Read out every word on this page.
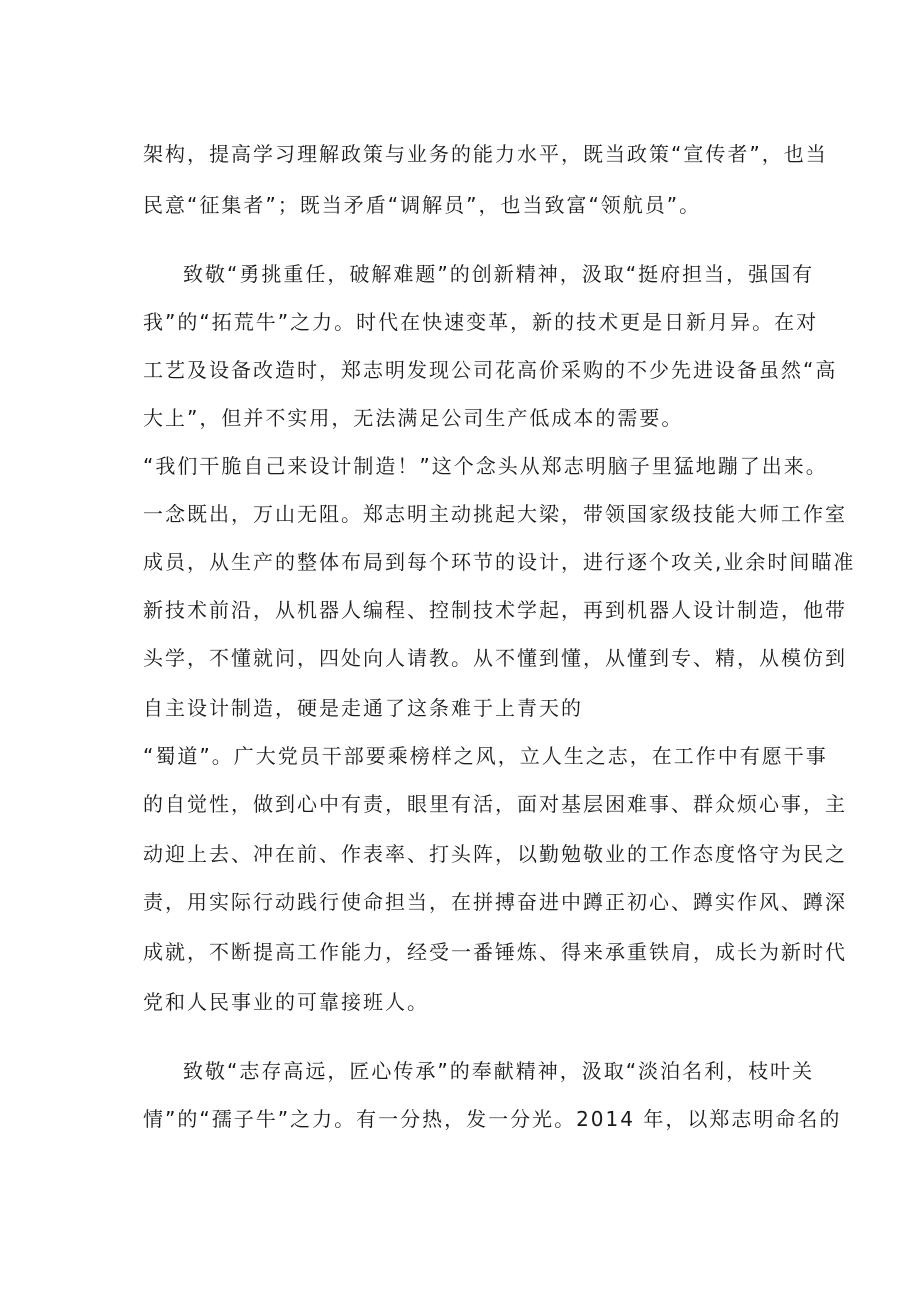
架构，提高学习理解政策与业务的能力水平，既当政策“宣传者”，也当
民意“征集者”；既当矛盾“调解员”，也当致富“领航员”。
致敬“勇挑重任，破解难题”的创新精神，汲取“挺府担当，强国有
我”的“拓荒牛”之力。时代在快速变革，新的技术更是日新月异。在对
工艺及设备改造时，郑志明发现公司花高价采购的不少先进设备虽然“高
大上”，但并不实用，无法满足公司生产低成本的需要。
“我们干脆自己来设计制造！”这个念头从郑志明脑子里猛地蹦了出来。
一念既出，万山无阻。郑志明主动挑起大梁，带领国家级技能大师工作室
成员，从生产的整体布局到每个环节的设计，进行逐个攻关,业余时间瞄准
新技术前沿，从机器人编程、控制技术学起，再到机器人设计制造，他带
头学，不懂就问，四处向人请教。从不懂到懂，从懂到专、精，从模仿到
自主设计制造，硬是走通了这条难于上青天的
“蜀道”。广大党员干部要乘榜样之风，立人生之志，在工作中有愿干事
的自觉性，做到心中有责，眼里有活，面对基层困难事、群众烦心事，主
动迎上去、冲在前、作表率、打头阵，以勤勉敬业的工作态度恪守为民之
责，用实际行动践行使命担当，在拼搏奋进中蹲正初心、蹲实作风、蹲深
成就，不断提高工作能力，经受一番锤炼、得来承重铁肩，成长为新时代
党和人民事业的可靠接班人。
致敬“志存高远，匠心传承”的奉献精神，汲取“淡泊名利，枝叶关
情”的“孺子牛”之力。有一分热，发一分光。2014 年，以郑志明命名的
